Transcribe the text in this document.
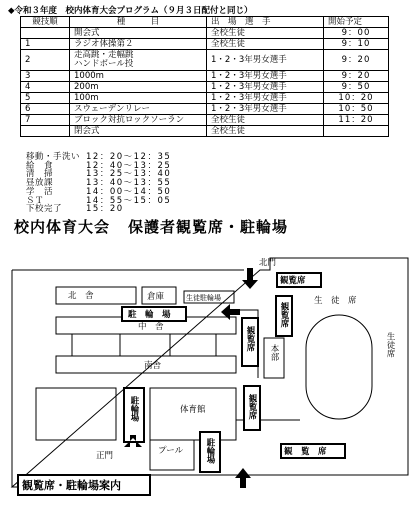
◆令和３年度　校内体育大会プログラム（９月３日配付と同じ）
競技順	種　　　目	出　場　選　手	開始予定
	開会式	全校生徒	9：00
1	ラジオ体操第２	全校生徒	9：10
2	走高跳・走幅跳
ハンドボール投	1・2・3年男女選手	9：20
3	1000m	1・2・3年男女選手	9：20
4	200m	1・2・3年男女選手	9：50
5	100m	1・2・3年男女選手	10：20
6	スウェーデンリレー	1・2・3年男女選手	10：50
7	ブロック対抗ロックソーラン	全校生徒	11：20
	閉会式	全校生徒	
移動・手洗い 12：20〜12：35
給　食	12：40〜13：25
清　掃	13：25〜13：40
昼放課	13：40〜13：55
学　活	14：00〜14：50
ＳＴ	14：55〜15：05
下校完了	15：20
校内体育大会 保護者観覧席・駐輪場
北門
北　舎	倉庫	生徒駐輪場
駐　輪　場
中　舎
南舎
観覧席
生　徒　席
体育館
プール
正門	観　覧　席
観覧席・駐輪場案内
観覧席
観覧席
観覧席
駐輪場
駐輪場
本部	生徒席
